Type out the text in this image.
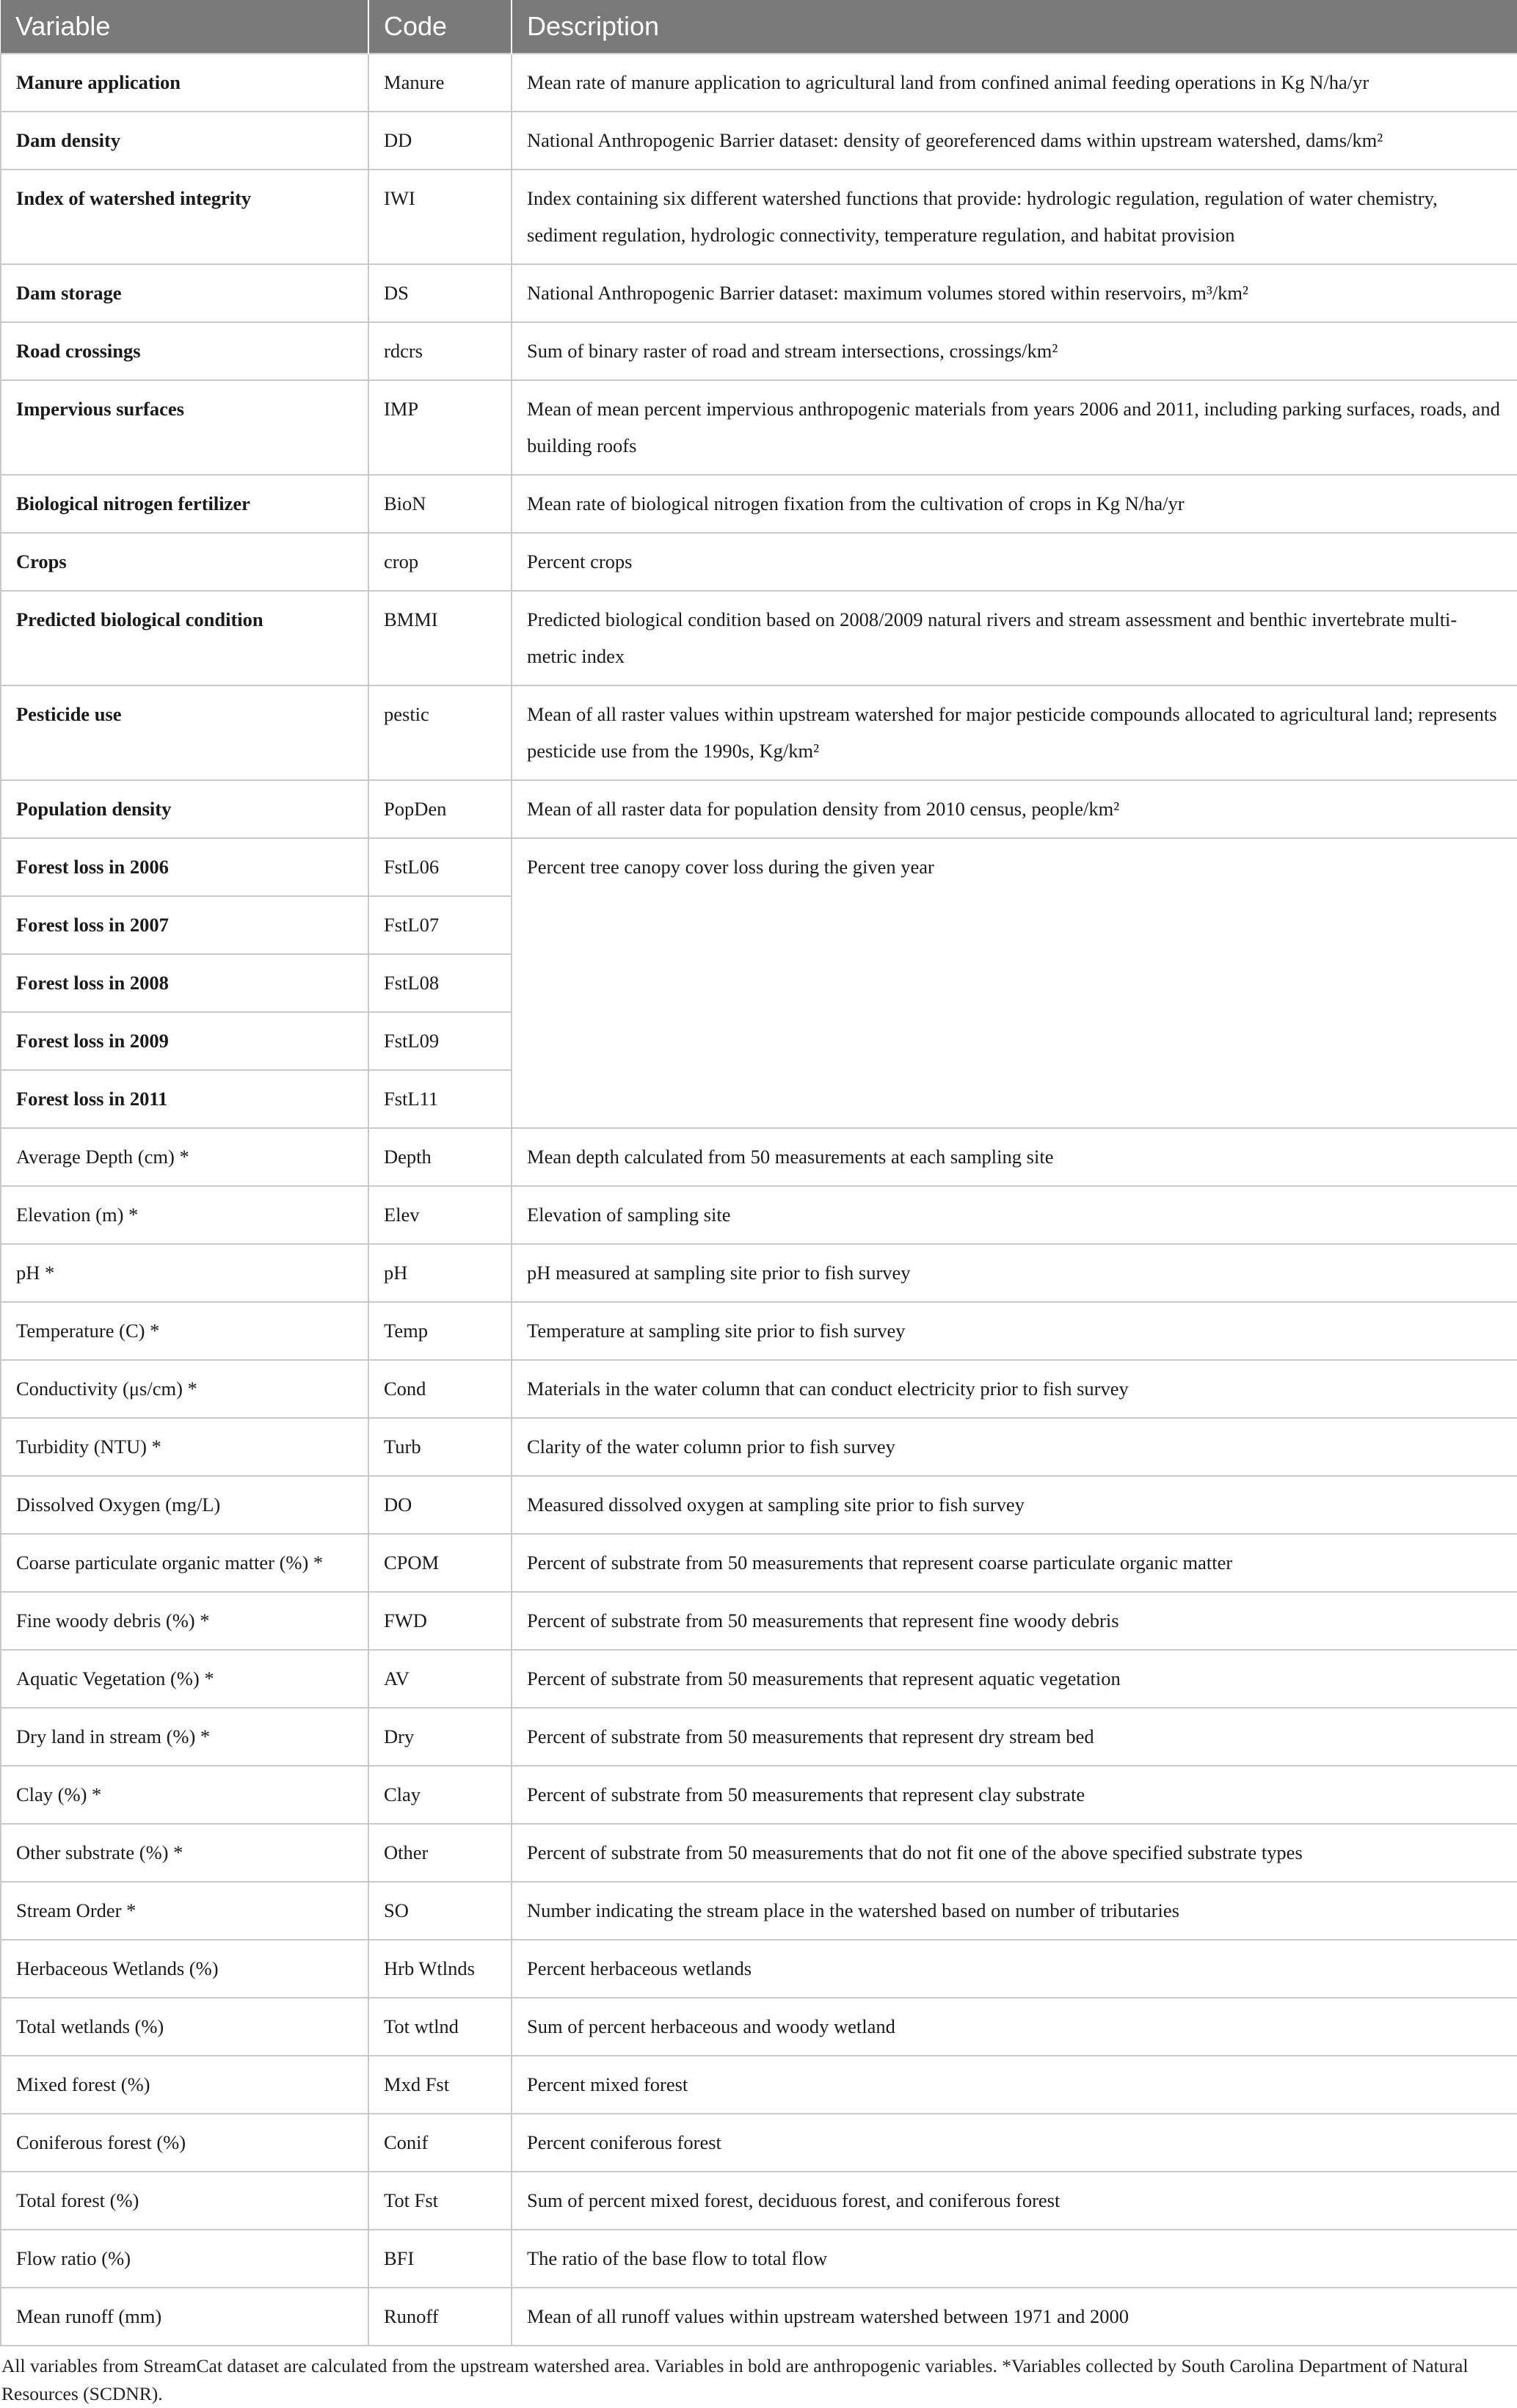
Variable	Code	Description
Manure application	Manure	Mean rate of manure application to agricultural land from confined animal feeding operations in Kg N/ha/yr
Dam density	DD	National Anthropogenic Barrier dataset: density of georeferenced dams within upstream watershed, dams/km²
Index of watershed integrity	IWI	Index containing six different watershed functions that provide: hydrologic regulation, regulation of water chemistry, sediment regulation, hydrologic connectivity, temperature regulation, and habitat provision
Dam storage	DS	National Anthropogenic Barrier dataset: maximum volumes stored within reservoirs, m³/km²
Road crossings	rdcrs	Sum of binary raster of road and stream intersections, crossings/km²
Impervious surfaces	IMP	Mean of mean percent impervious anthropogenic materials from years 2006 and 2011, including parking surfaces, roads, and building roofs
Biological nitrogen fertilizer	BioN	Mean rate of biological nitrogen fixation from the cultivation of crops in Kg N/ha/yr
Crops	crop	Percent crops
Predicted biological condition	BMMI	Predicted biological condition based on 2008/2009 natural rivers and stream assessment and benthic invertebrate multi-metric index
Pesticide use	pestic	Mean of all raster values within upstream watershed for major pesticide compounds allocated to agricultural land; represents pesticide use from the 1990s, Kg/km²
Population density	PopDen	Mean of all raster data for population density from 2010 census, people/km²
Forest loss in 2006	FstL06	Percent tree canopy cover loss during the given year
Forest loss in 2007	FstL07	
Forest loss in 2008	FstL08	
Forest loss in 2009	FstL09	
Forest loss in 2011	FstL11	
Average Depth (cm) *	Depth	Mean depth calculated from 50 measurements at each sampling site
Elevation (m) *	Elev	Elevation of sampling site
pH *	pH	pH measured at sampling site prior to fish survey
Temperature (C) *	Temp	Temperature at sampling site prior to fish survey
Conductivity (μs/cm) *	Cond	Materials in the water column that can conduct electricity prior to fish survey
Turbidity (NTU) *	Turb	Clarity of the water column prior to fish survey
Dissolved Oxygen (mg/L)	DO	Measured dissolved oxygen at sampling site prior to fish survey
Coarse particulate organic matter (%) *	CPOM	Percent of substrate from 50 measurements that represent coarse particulate organic matter
Fine woody debris (%) *	FWD	Percent of substrate from 50 measurements that represent fine woody debris
Aquatic Vegetation (%) *	AV	Percent of substrate from 50 measurements that represent aquatic vegetation
Dry land in stream (%) *	Dry	Percent of substrate from 50 measurements that represent dry stream bed
Clay (%) *	Clay	Percent of substrate from 50 measurements that represent clay substrate
Other substrate (%) *	Other	Percent of substrate from 50 measurements that do not fit one of the above specified substrate types
Stream Order *	SO	Number indicating the stream place in the watershed based on number of tributaries
Herbaceous Wetlands (%)	Hrb Wtlnds	Percent herbaceous wetlands
Total wetlands (%)	Tot wtlnd	Sum of percent herbaceous and woody wetland
Mixed forest (%)	Mxd Fst	Percent mixed forest
Coniferous forest (%)	Conif	Percent coniferous forest
Total forest (%)	Tot Fst	Sum of percent mixed forest, deciduous forest, and coniferous forest
Flow ratio (%)	BFI	The ratio of the base flow to total flow
Mean runoff (mm)	Runoff	Mean of all runoff values within upstream watershed between 1971 and 2000

All variables from StreamCat dataset are calculated from the upstream watershed area. Variables in bold are anthropogenic variables. *Variables collected by South Carolina Department of Natural Resources (SCDNR).
